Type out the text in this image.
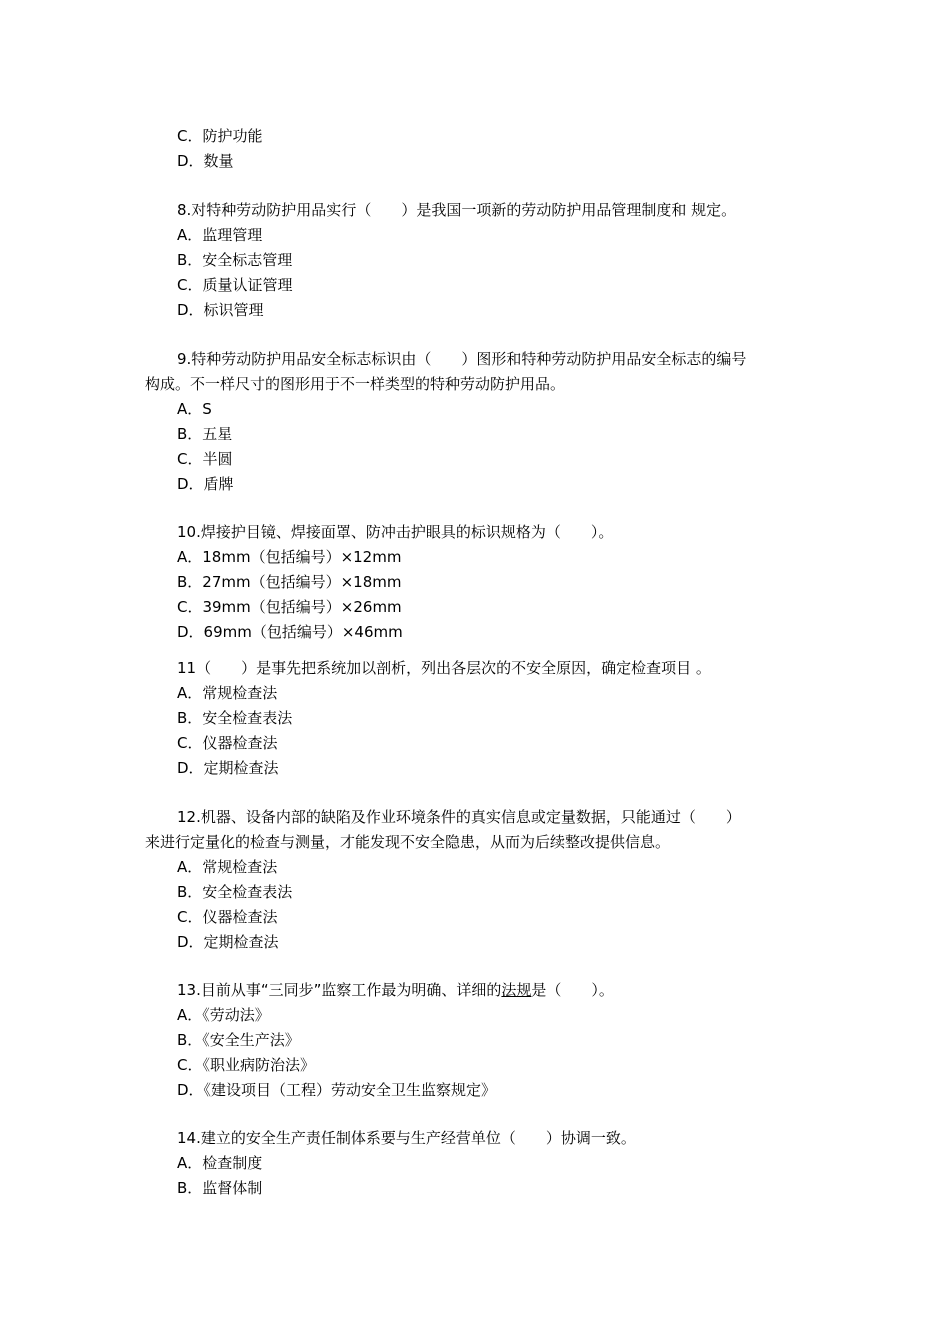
C．防护功能
D．数量
8.对特种劳动防护用品实行（　　）是我国一项新的劳动防护用品管理制度和 规定。
A．监理管理
B．安全标志管理
C．质量认证管理
D．标识管理
9.特种劳动防护用品安全标志标识由（　　）图形和特种劳动防护用品安全标志的编号
构成。不一样尺寸的图形用于不一样类型的特种劳动防护用品。
A．S
B．五星
C．半圆
D．盾牌
10.焊接护目镜、焊接面罩、防冲击护眼具的标识规格为（　　）。
A．18mm（包括编号）×12mm
B．27mm（包括编号）×18mm
C．39mm（包括编号）×26mm
D．69mm（包括编号）×46mm
11（　　）是事先把系统加以剖析，列出各层次的不安全原因，确定检查项目 。
A．常规检查法
B．安全检查表法
C．仪器检查法
D．定期检查法
12.机器、设备内部的缺陷及作业环境条件的真实信息或定量数据，只能通过（　　）
来进行定量化的检查与测量，才能发现不安全隐患，从而为后续整改提供信息。
A．常规检查法
B．安全检查表法
C．仪器检查法
D．定期检查法
13.目前从事“三同步”监察工作最为明确、详细的法规是（　　）。
A．《劳动法》
B．《安全生产法》
C．《职业病防治法》
D．《建设项目（工程）劳动安全卫生监察规定》
14.建立的安全生产责任制体系要与生产经营单位（　　）协调一致。
A．检查制度
B．监督体制
